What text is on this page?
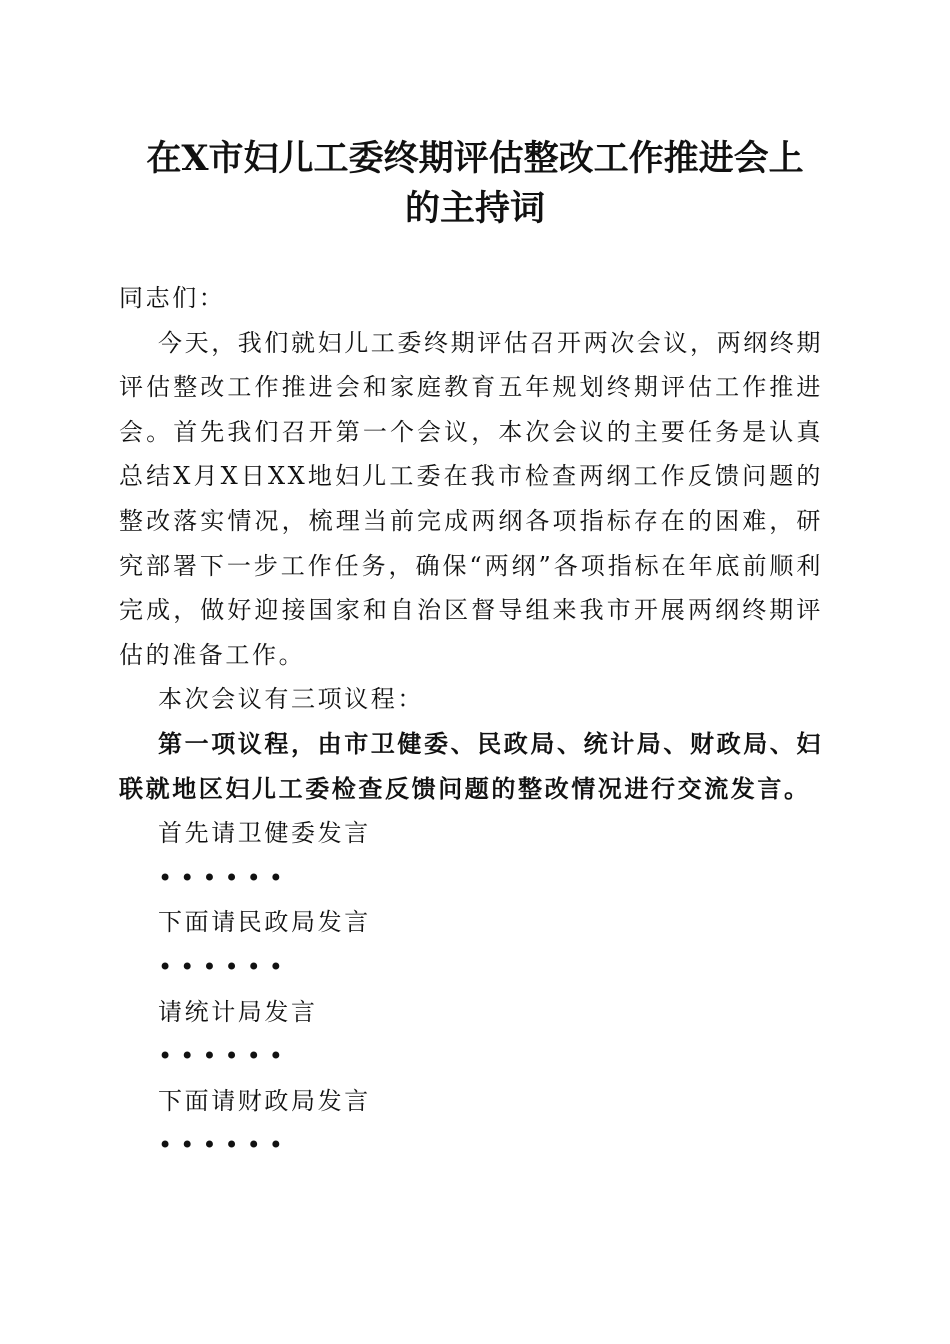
在X市妇儿工委终期评估整改工作推进会上
的主持词

同志们：

今天，我们就妇儿工委终期评估召开两次会议，两纲终期评估整改工作推进会和家庭教育五年规划终期评估工作推进会。首先我们召开第一个会议，本次会议的主要任务是认真总结X月X日XX地妇儿工委在我市检查两纲工作反馈问题的整改落实情况，梳理当前完成两纲各项指标存在的困难，研究部署下一步工作任务，确保“两纲”各项指标在年底前顺利完成，做好迎接国家和自治区督导组来我市开展两纲终期评估的准备工作。

本次会议有三项议程：

第一项议程，由市卫健委、民政局、统计局、财政局、妇联就地区妇儿工委检查反馈问题的整改情况进行交流发言。

首先请卫健委发言

••••••

下面请民政局发言

••••••

请统计局发言

••••••

下面请财政局发言

••••••
